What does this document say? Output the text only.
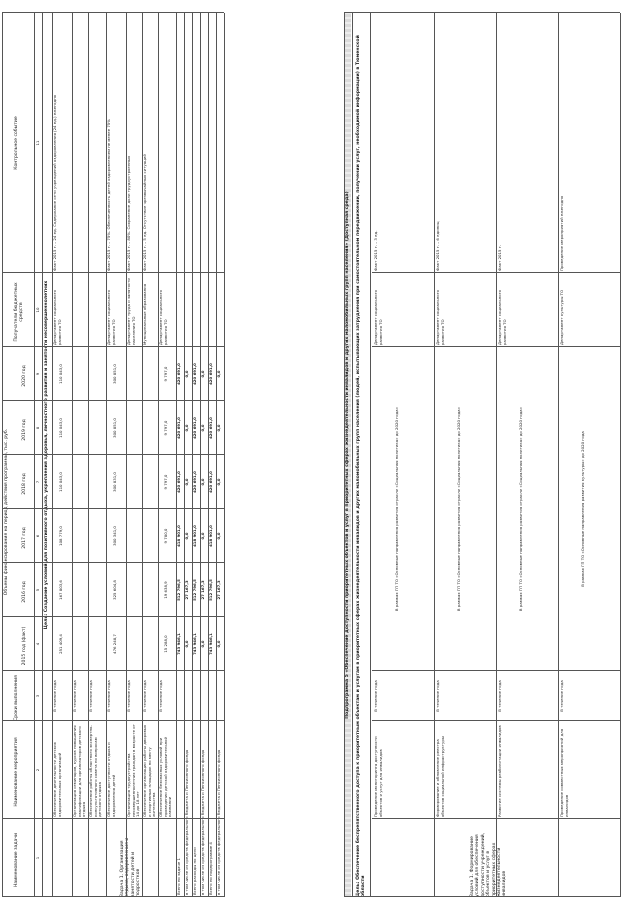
Наименование задачи
Наименование мероприятия
Сроки выполнения
Объемы финансирования на период действия программы, тыс. руб.
2015 год (факт)
2016 год
2017 год
2018 год
2019 год
2020 год
Получатели бюджетных средств
Контрольное событие
1
2
3
4
5
6
7
8
9
10
11
Цель: Создание условий для позитивного отдыха, укрепления здоровья, личностного развития и занятости несовершеннолетних
Задача 1. Организация отдыха, оздоровления и занятости детей и подростков
Обеспечение деятельности детских оздоровительных организаций
В течение года
251 409,4
167 803,6
108 779,0
110 043,0
110 043,0
110 043,0
Департамент социального развития ТО
Факт 2015 г. – 24 ед. Содержание сети учреждений оздоровления (24 ед.) ежегодно
Организация семинаров, курсов повышения квалификации для организаторов детского отдыха
В течение года
Обеспечение работы областного экспертно-консультативного совета по вопросам детского отдыха
В течение года
Обеспечение доступности отдыха и оздоровления детей
В течение года
476 248,7
325 604,8
300 341,0
300 831,0
300 851,0
300 851,0
Департамент социального развития ТО
Факт 2015 г. – 75%. Обеспеченность детей оздоровлением не менее 75%
Организация трудоустройства несовершеннолетних граждан в возрасте от 14 до 18 лет
В течение года
Департамент труда и занятости населения ТО
Факт 2015 г. – 80%. Сохранение доли трудоустроенных
Обеспечение организации работы дворовых и спортивных площадок по месту жительства
В течение года
Муниципальные образования
Факт 2015 г. – 5 ед. Отсутствие чрезвычайных ситуаций
Обеспечение безопасных условий при проведении детской оздоровительной кампании
В течение года
15 288,0
19 638,9
9 780,0
9 797,0
9 797,0
9 797,0
Департамент социального развития ТО
Всего по задаче 1
743 946,1
512 796,5
418 901,0
420 691,0
420 691,0
420 691,0
в том числе из средств федерального бюджета и Пенсионного фонда
0,0
27 167,3
0,0
0,0
0,0
0,0
Всего расходы по цели
743 946,1
512 796,5
418 901,0
420 691,0
420 691,0
420 691,0
в том числе из средств федерального бюджета и Пенсионного фонда
0,0
27 167,3
0,0
0,0
0,0
0,0
Всего по подпрограмме 4
743 946,1
512 796,5
418 901,0
420 691,0
420 691,0
420 691,0
в том числе из средств федерального бюджета и Пенсионного фонда
0,0
27 167,3
0,0
0,0
0,0
0,0	Подпрограмма 5 «Обеспечение доступности приоритетных объектов и услуг в приоритетных сферах жизнедеятельности инвалидов и других маломобильных групп населения» (Доступная среда) Цель: Обеспечение беспрепятственного доступа к приоритетным объектам и услугам в приоритетных сферах жизнедеятельности инвалидов и других маломобильных групп населения (людей, испытывающих затруднения при самостоятельном передвижении, получении услуг, необходимой информации) в Тюменской области	Задача 1. Формирование условий для обеспечения доступности учреждений, объектов и услуг в приоритетных сферах жизнедеятельности инвалидов
Проведение мониторинга доступности объектов и услуг для инвалидов
В течение года
В рамках ГП ТО «Основные направления развития отрасли «Социальная политика» до 2020 года»
Департамент социального развития ТО
Факт 2015 г. – 3 ед.
Формирование и обновление реестра объектов социальной инфраструктуры
В течение года
В рамках ГП ТО «Основные направления развития отрасли «Социальная политика» до 2020 года»
Департамент социального развития ТО
Факт 2015 г. – 6 единиц
Развитие системы реабилитации инвалидов
В течение года
В рамках ГП ТО «Основные направления развития отрасли «Социальная политика» до 2020 года»
Департамент социального развития ТО
Факт 2015 г.
Проведение совместных мероприятий для инвалидов
В течение года
В рамках ГП ТО «Основные направления развития культуры» до 2020 года
Департамент культуры ТО
Проведение мероприятий ежегодно
